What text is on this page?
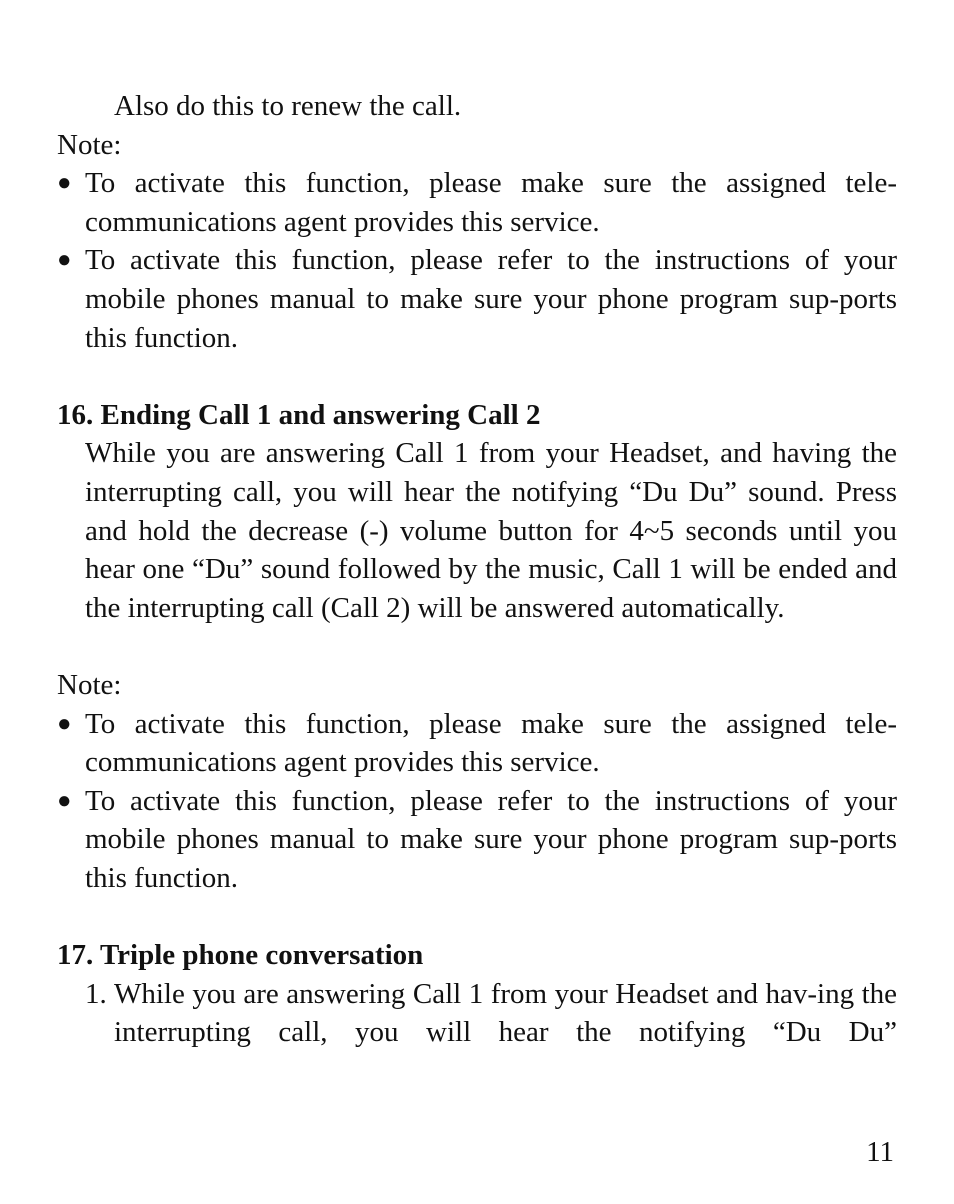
Also do this to renew the call.
Note:
● To activate this function, please make sure the assigned tele-communications agent provides this service.
● To activate this function, please refer to the instructions of your mobile phones manual to make sure your phone program sup-ports this function.
16. Ending Call 1 and answering Call 2
While you are answering Call 1 from your Headset, and having the interrupting call, you will hear the notifying “Du Du” sound. Press and hold the decrease (-) volume button for 4~5 seconds until you hear one “Du” sound followed by the music, Call 1 will be ended and the interrupting call (Call 2) will be answered automatically.
Note:
● To activate this function, please make sure the assigned tele-communications agent provides this service.
● To activate this function, please refer to the instructions of your mobile phones manual to make sure your phone program sup-ports this function.
17. Triple phone conversation
1. While you are answering Call 1 from your Headset and hav-ing the interrupting call, you will hear the notifying “Du Du”
11
